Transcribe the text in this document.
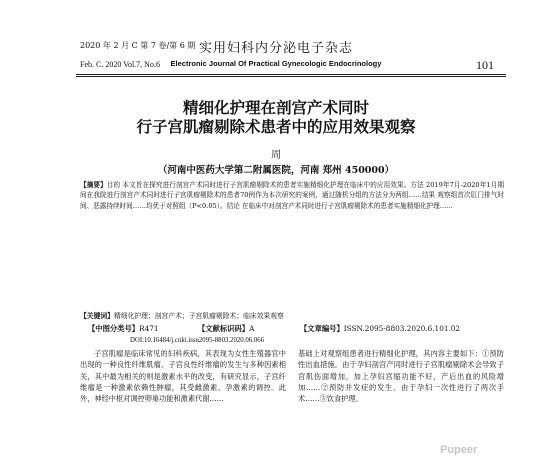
2020 年 2 月 C 第 7 卷/第 6 期
Feb. C. 2020 Vol.7, No.6
实用妇科内分泌电子杂志
Electronic Journal Of Practical Gynecologic Endocrinology	101
精细化护理在剖宫产术同时
行子宫肌瘤剔除术患者中的应用效果观察
周
（河南中医药大学第二附属医院，河南 郑州 450000）
【摘要】目的 本文旨在探究进行剖宫产术同时进行子宫肌瘤剔除术的患者实施精细化护理在临床中的应用效果。方法 2019年7月-2020年1月期间在我院进行剖宫产术同时进行子宫肌瘤剔除术的患者70例作为本次研究的案例，通过随机分组的方法分为两组……结果 观察组首次肛门排气时间、恶露持续时间……均优于对照组（P<0.05）。结论 在临床中对剖宫产术同时进行子宫肌瘤剔除术的患者实施精细化护理……
【关键词】精细化护理；剖宫产术；子宫肌瘤剔除术；临床效果观察
【中图分类号】R471	【文献标识码】A	【文章编号】ISSN.2095-8803.2020.6.101.02
DOI:10.16484/j.cnki.issn2095-8803.2020.06.066

子宫肌瘤是临床常见的妇科疾病，其表现为女性生殖器官中出现的一种良性纤维肌瘤。子宫良性纤维瘤的发生与多种因素相关，其中最为相关的则是激素水平的改变，有研究显示，子宫纤维瘤是一种激素依赖性肿瘤，其受雌激素、孕激素的调控。此外，神经中枢对调控卵巢功能和激素代谢……

基础上对观察组患者进行精细化护理，其内容主要如下：①预防性出血措施。由于孕妇剖宫产同时进行子宫肌瘤剔除术会导致子宫肌伤面增加，加上孕妇宫缩功能不好，产后出血的风险增加……②预防并发症的发生。由于孕妇一次性进行了两次手术……③饮食护理。

Pupeer
